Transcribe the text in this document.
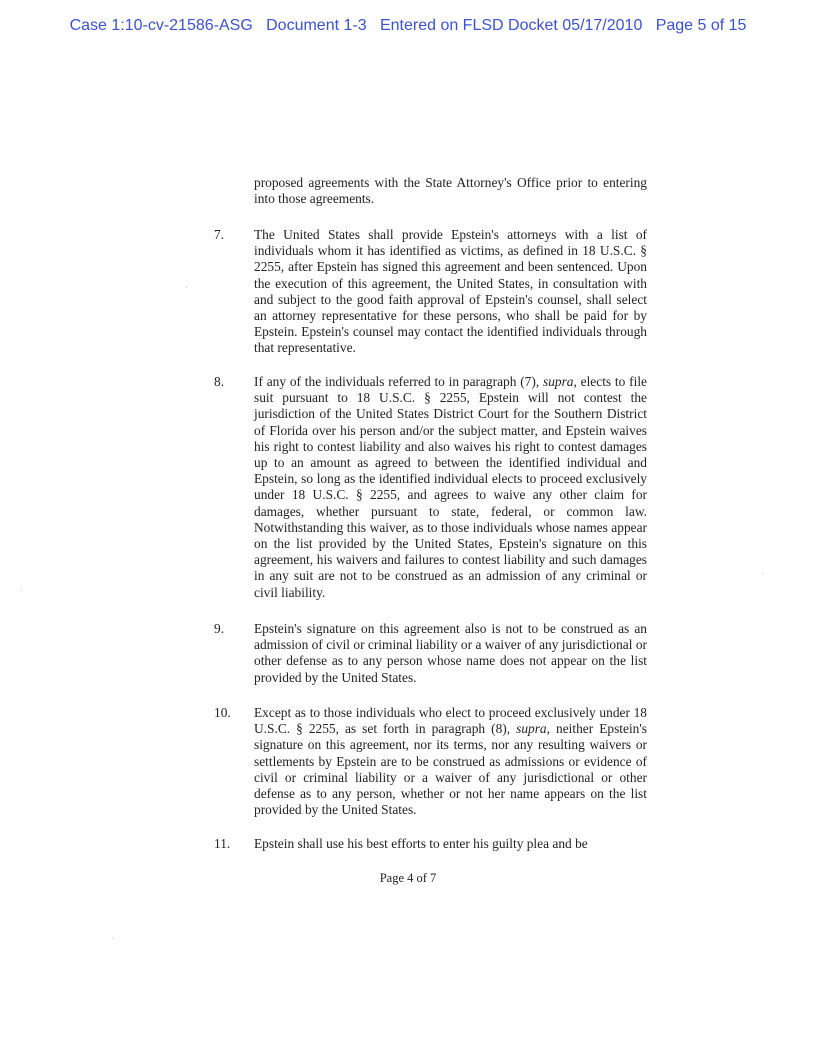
Case 1:10-cv-21586-ASG Document 1-3 Entered on FLSD Docket 05/17/2010 Page 5 of 15
proposed agreements with the State Attorney's Office prior to entering into those agreements.
7. The United States shall provide Epstein's attorneys with a list of individuals whom it has identified as victims, as defined in 18 U.S.C. § 2255, after Epstein has signed this agreement and been sentenced. Upon the execution of this agreement, the United States, in consultation with and subject to the good faith approval of Epstein's counsel, shall select an attorney representative for these persons, who shall be paid for by Epstein. Epstein's counsel may contact the identified individuals through that representative.
8. If any of the individuals referred to in paragraph (7), supra, elects to file suit pursuant to 18 U.S.C. § 2255, Epstein will not contest the jurisdiction of the United States District Court for the Southern District of Florida over his person and/or the subject matter, and Epstein waives his right to contest liability and also waives his right to contest damages up to an amount as agreed to between the identified individual and Epstein, so long as the identified individual elects to proceed exclusively under 18 U.S.C. § 2255, and agrees to waive any other claim for damages, whether pursuant to state, federal, or common law. Notwithstanding this waiver, as to those individuals whose names appear on the list provided by the United States, Epstein's signature on this agreement, his waivers and failures to contest liability and such damages in any suit are not to be construed as an admission of any criminal or civil liability.
9. Epstein's signature on this agreement also is not to be construed as an admission of civil or criminal liability or a waiver of any jurisdictional or other defense as to any person whose name does not appear on the list provided by the United States.
10. Except as to those individuals who elect to proceed exclusively under 18 U.S.C. § 2255, as set forth in paragraph (8), supra, neither Epstein's signature on this agreement, nor its terms, nor any resulting waivers or settlements by Epstein are to be construed as admissions or evidence of civil or criminal liability or a waiver of any jurisdictional or other defense as to any person, whether or not her name appears on the list provided by the United States.
11. Epstein shall use his best efforts to enter his guilty plea and be
Page 4 of 7
